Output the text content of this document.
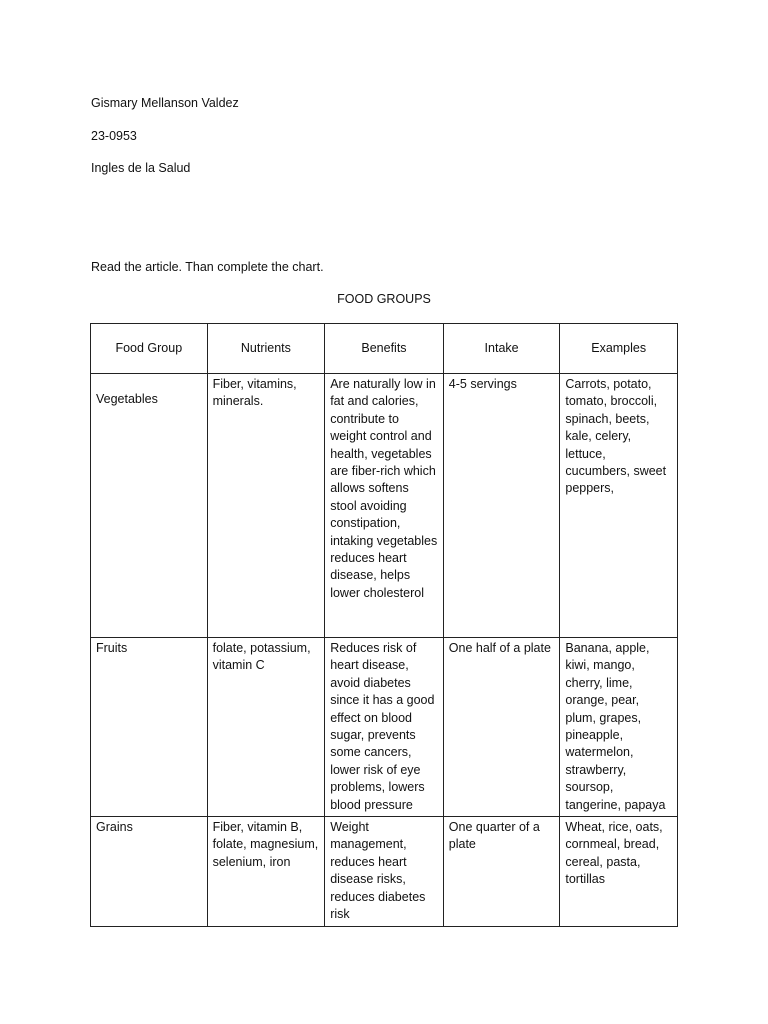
Gismary Mellanson Valdez

23-0953

Ingles de la Salud

Read the article. Than complete the chart.

FOOD GROUPS
Food Group	Nutrients	Benefits	Intake	Examples

Vegetables	Fiber, vitamins, minerals.	Are naturally low in fat and calories, contribute to weight control and health, vegetables are fiber-rich which allows softens stool avoiding constipation, intaking vegetables reduces heart disease, helps lower cholesterol	4-5 servings	Carrots, potato, tomato, broccoli, spinach, beets, kale, celery, lettuce, cucumbers, sweet peppers,
Fruits	folate, potassium, vitamin C	Reduces risk of heart disease, avoid diabetes since it has a good effect on blood sugar, prevents some cancers, lower risk of eye problems, lowers blood pressure	One half of a plate	Banana, apple, kiwi, mango, cherry, lime, orange, pear, plum, grapes, pineapple, watermelon, strawberry, soursop, tangerine, papaya
Grains	Fiber, vitamin B, folate, magnesium, selenium, iron	Weight management, reduces heart disease risks, reduces diabetes risk	One quarter of a plate	Wheat, rice, oats, cornmeal, bread, cereal, pasta, tortillas
